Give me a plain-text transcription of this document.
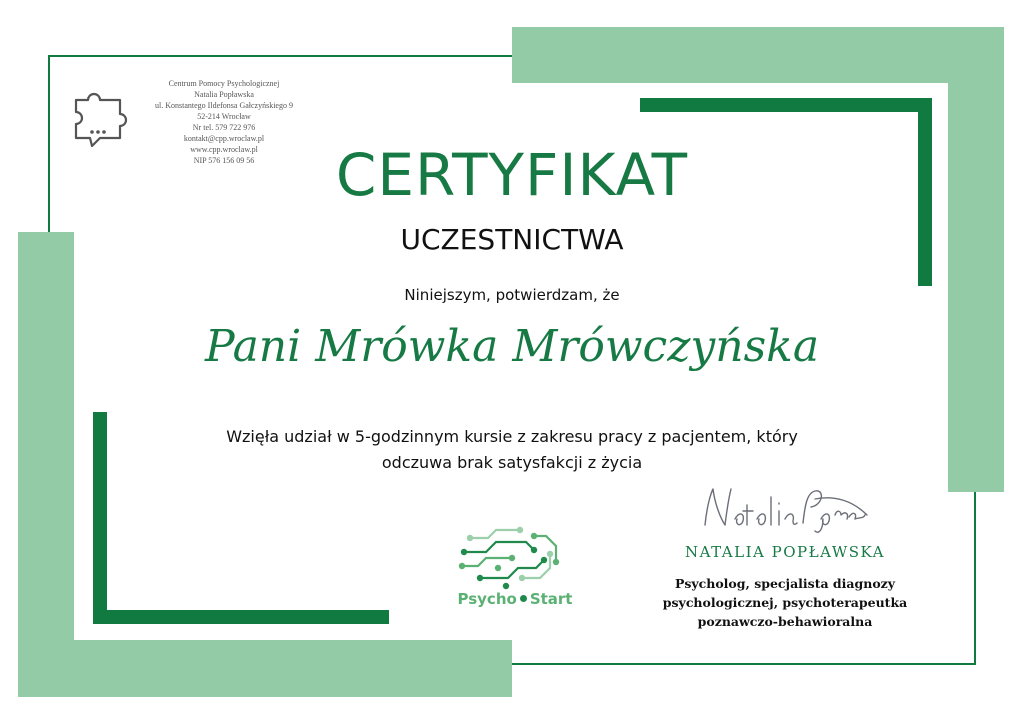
Centrum Pomocy Psychologicznej
Natalia Popławska
ul. Konstantego Ildefonsa Gałczyńskiego 9
52-214 Wrocław
Nr tel. 579 722 976
kontakt@cpp.wroclaw.pl
www.cpp.wroclaw.pl
NIP 576 156 09 56	CERTYFIKAT
UCZESTNICTWA
Niniejszym, potwierdzam, że
Pani Mrówka Mrówczyńska
Wzięła udział w 5-godzinnym kursie z zakresu pracy z pacjentem, który
odczuwa brak satysfakcji z życia
Psycho Start
NATALIA POPŁAWSKA
Psycholog, specjalista diagnozy
psychologicznej, psychoterapeutka
poznawczo-behawioralna
